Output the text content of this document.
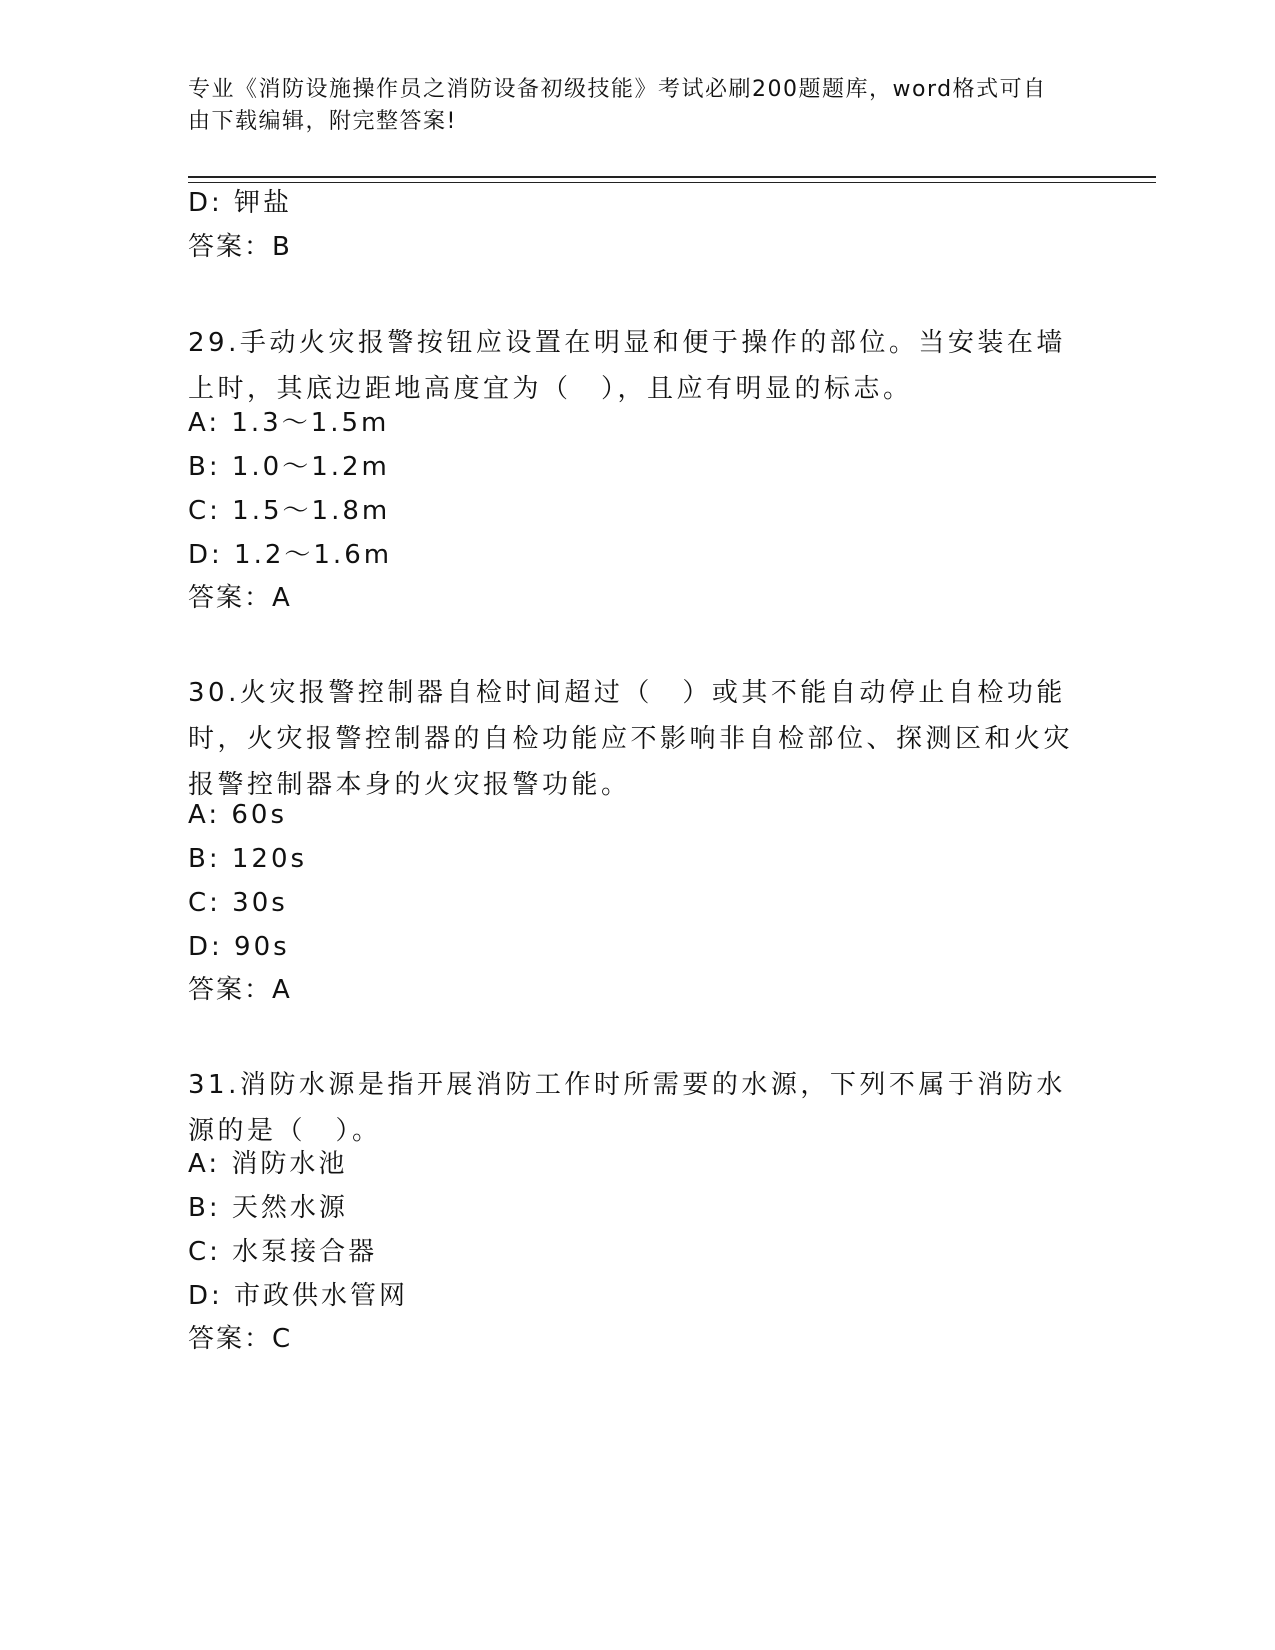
专业《消防设施操作员之消防设备初级技能》考试必刷200题题库，word格式可自由下载编辑，附完整答案!
D: 钾盐
答案：B
29.手动火灾报警按钮应设置在明显和便于操作的部位。当安装在墙上时，其底边距地高度宜为（　），且应有明显的标志。
A: 1.3～1.5m
B: 1.0～1.2m
C: 1.5～1.8m
D: 1.2～1.6m
答案：A
30.火灾报警控制器自检时间超过（　）或其不能自动停止自检功能时，火灾报警控制器的自检功能应不影响非自检部位、探测区和火灾报警控制器本身的火灾报警功能。
A: 60s
B: 120s
C: 30s
D: 90s
答案：A
31.消防水源是指开展消防工作时所需要的水源，下列不属于消防水源的是（　）。
A: 消防水池
B: 天然水源
C: 水泵接合器
D: 市政供水管网
答案：C
